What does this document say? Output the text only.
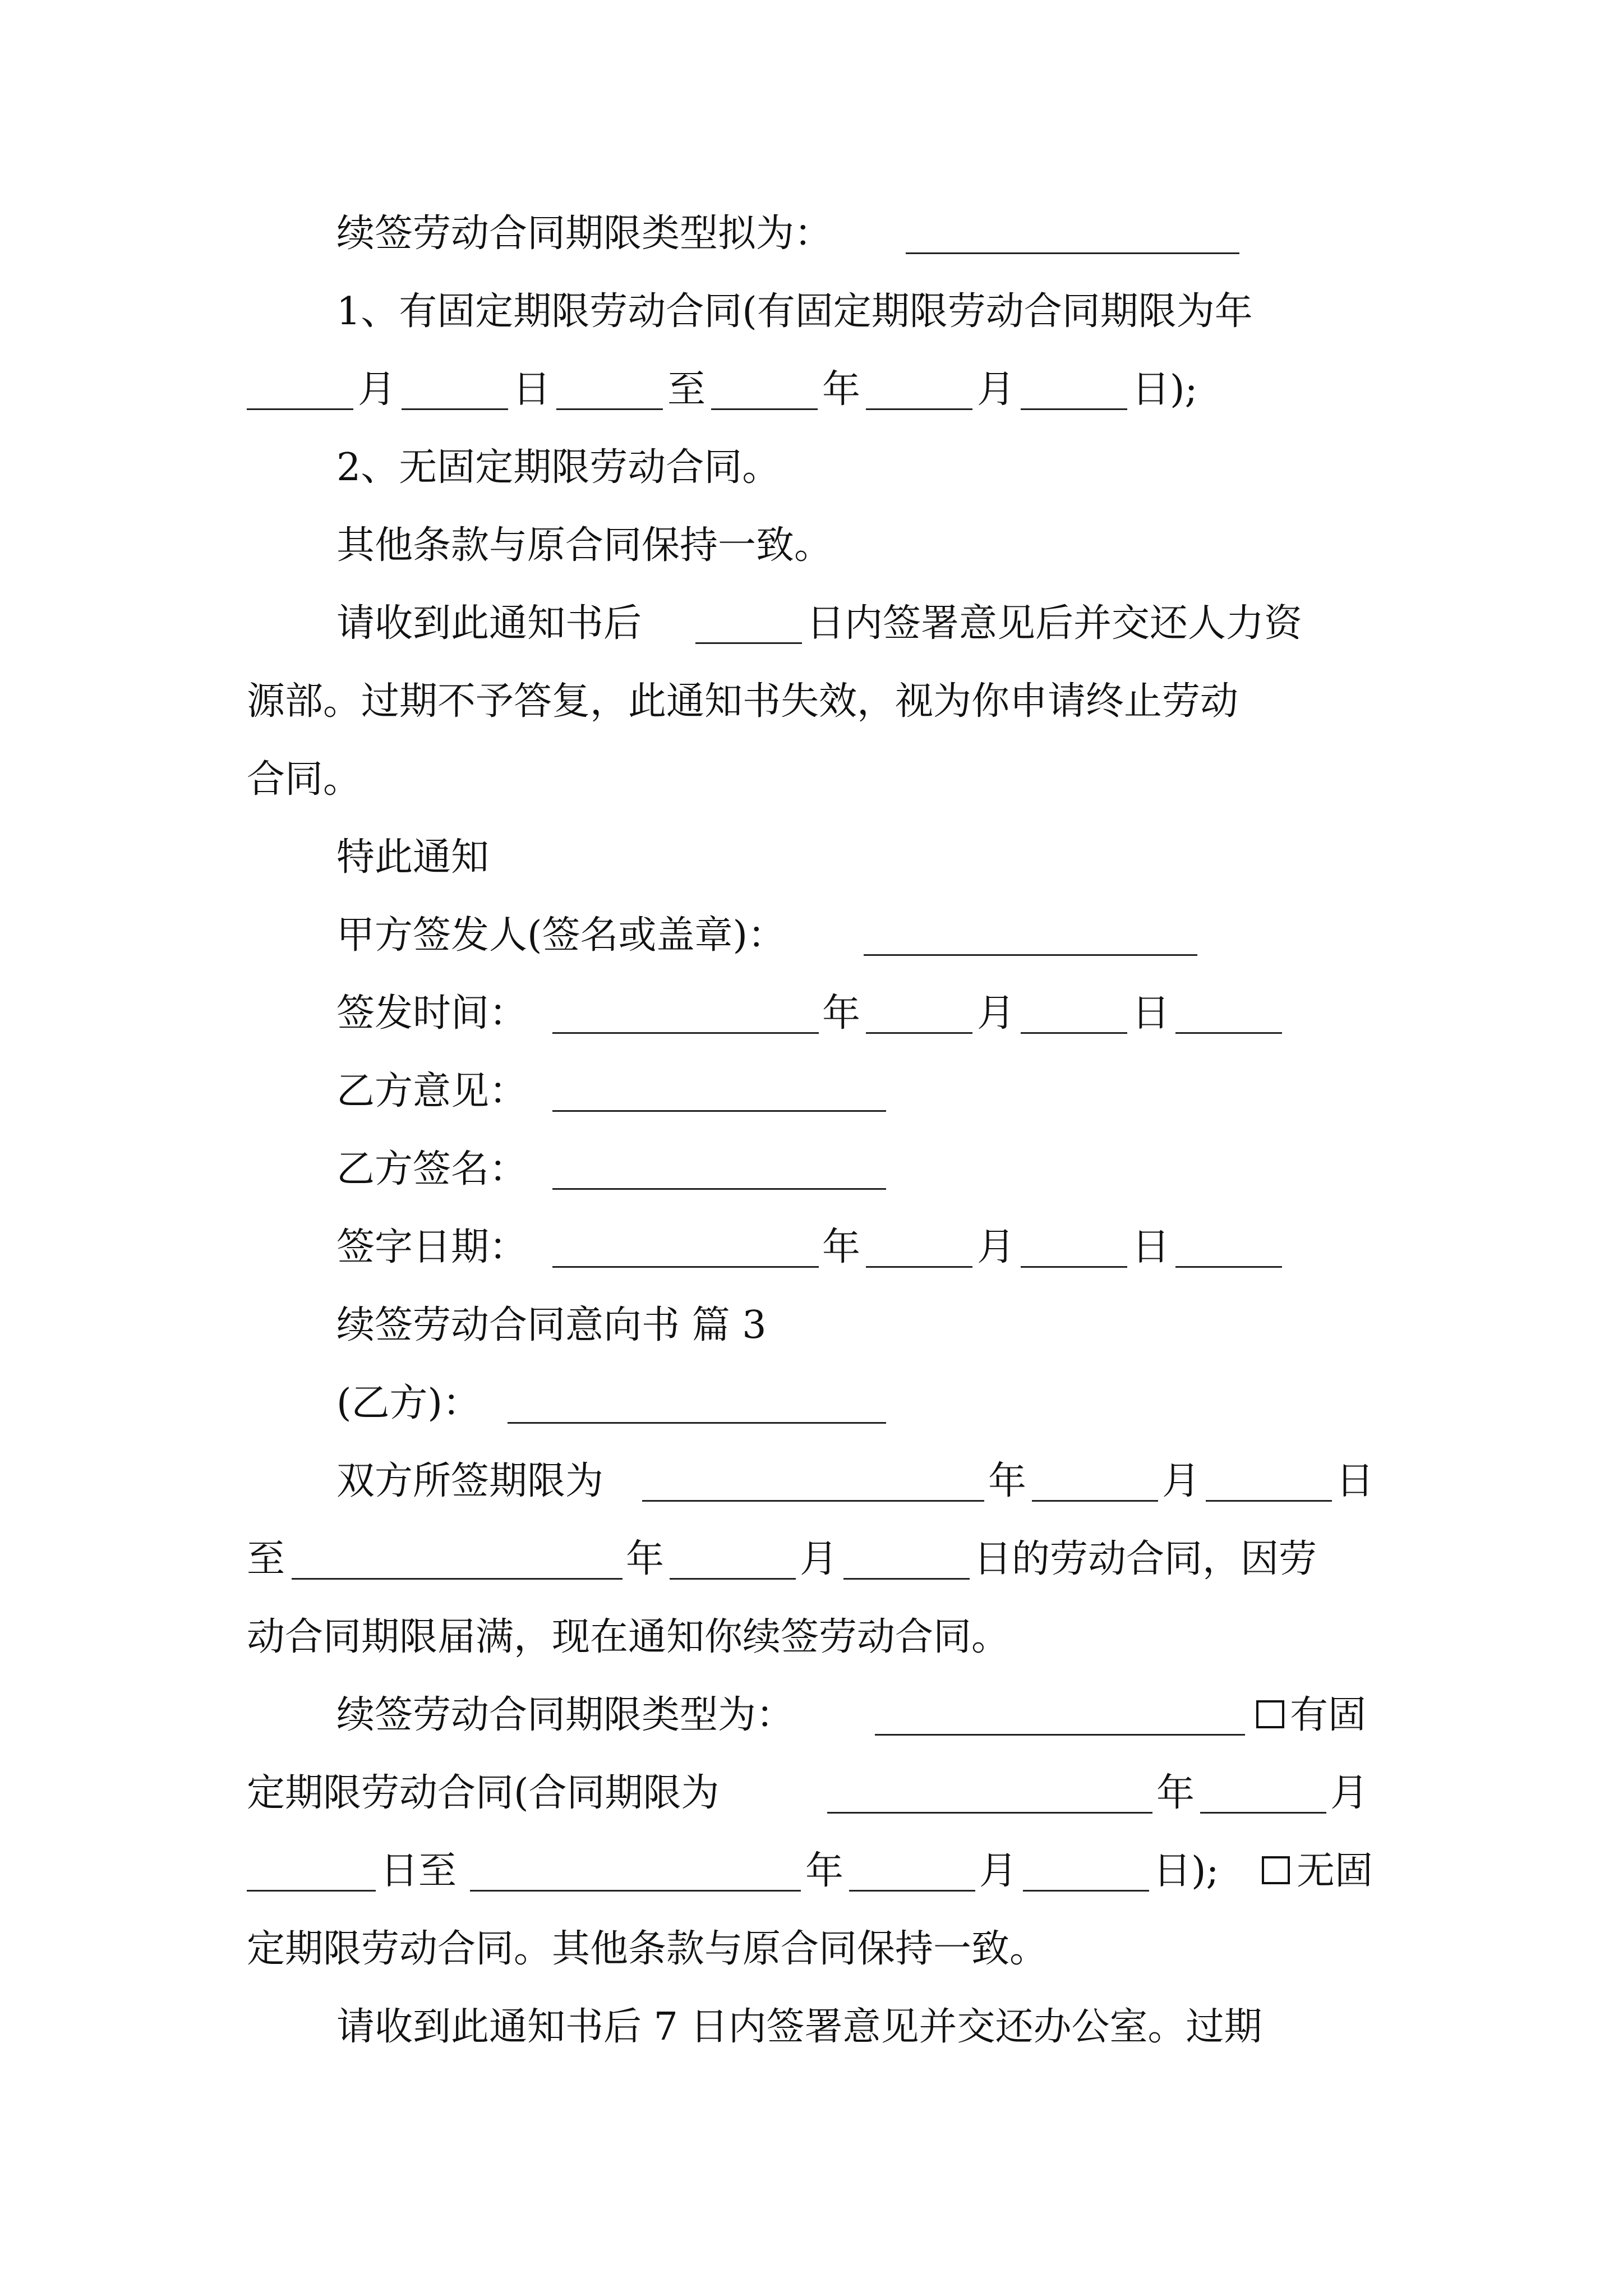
续签劳动合同期限类型拟为：
1、有固定期限劳动合同(有固定期限劳动合同期限为年
月	日	至	年	月	日);
2、无固定期限劳动合同。
其他条款与原合同保持一致。
请收到此通知书后	日内签署意见后并交还人力资
源部。过期不予答复，此通知书失效，视为你申请终止劳动
合同。
特此通知
甲方签发人(签名或盖章)：
签发时间：	年	月	日
乙方意见：
乙方签名：
签字日期：	年	月	日
续签劳动合同意向书 篇 3
(乙方)：
双方所签期限为	年	月	日
至	年	月	日的劳动合同，因劳
动合同期限届满，现在通知你续签劳动合同。
续签劳动合同期限类型为：	有固
定期限劳动合同(合同期限为	年	月
日至	年	月	日); 无固
定期限劳动合同。其他条款与原合同保持一致。
请收到此通知书后 7 日内签署意见并交还办公室。过期
